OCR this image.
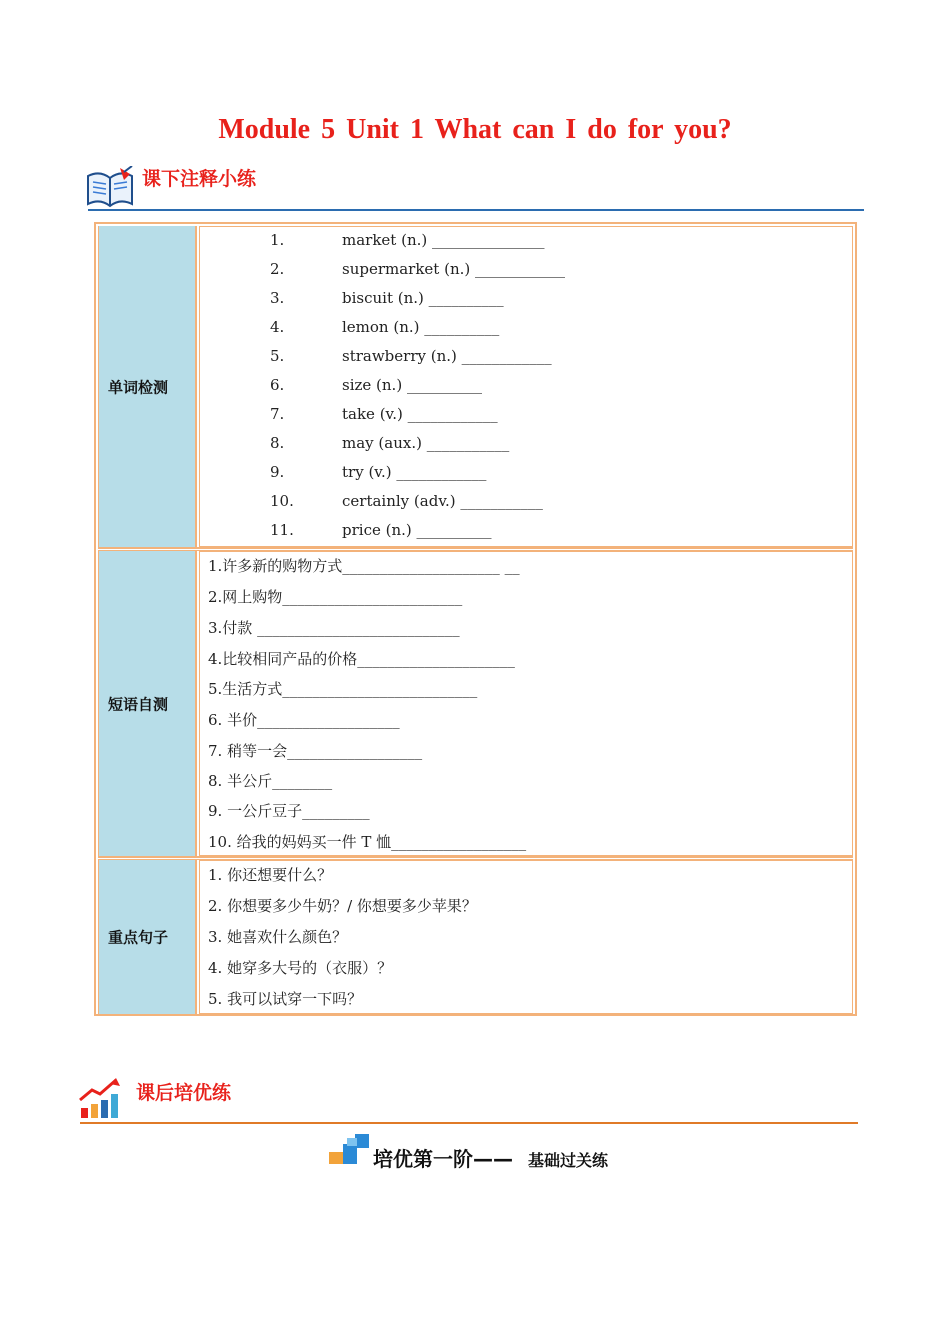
Module 5 Unit 1 What can I do for you?
课下注释小练
单词检测
1.	market (n.) _______________
2.	supermarket (n.) ____________
3.	biscuit (n.) __________
4.	lemon (n.) __________
5.	strawberry (n.) ____________
6.	size (n.) __________
7.	take (v.) ____________
8.	may (aux.) ___________
9.	try (v.) ____________
10.	certainly (adv.) ___________
11.	price (n.) __________
短语自测
1.许多新的购物方式_____________________ __
2.网上购物________________________
3.付款 ___________________________
4.比较相同产品的价格_____________________
5.生活方式__________________________
6. 半价___________________
7. 稍等一会__________________
8. 半公斤________
9. 一公斤豆子_________
10. 给我的妈妈买一件 T 恤__________________
重点句子
1. 你还想要什么？
2. 你想要多少牛奶？/ 你想要多少苹果？
3. 她喜欢什么颜色？
4. 她穿多大号的（衣服）？
5. 我可以试穿一下吗？
课后培优练
培优第一阶—— 基础过关练
